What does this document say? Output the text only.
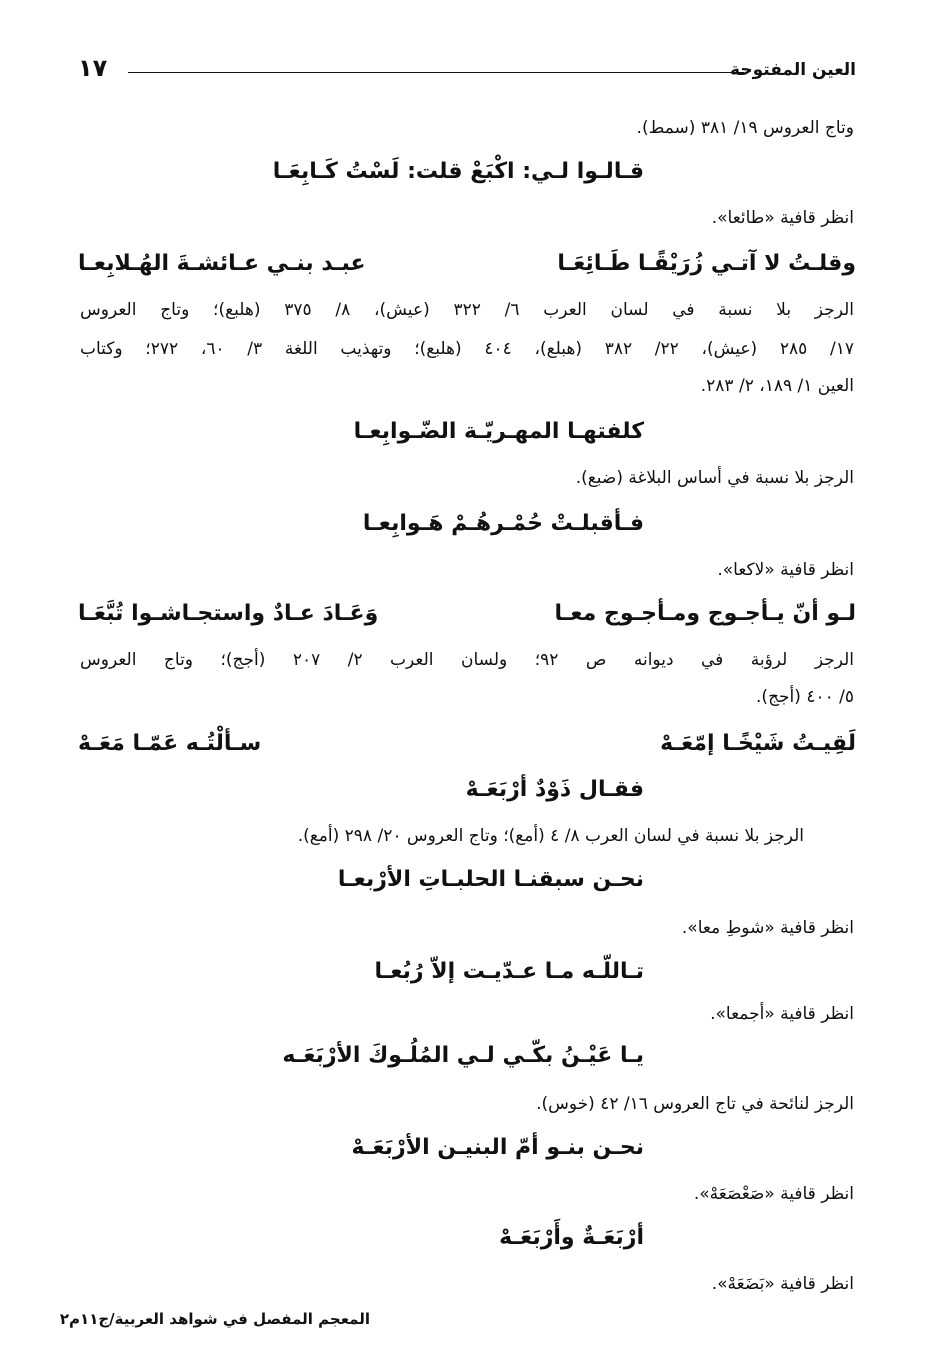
العين المفتوحة
١٧
وتاج العروس ١٩/ ٣٨١ (سمط).
قـالـوا لـي: اكْبَعْ قلت: لَسْتُ كَـابِعَـا
انظر قافية «طائعا».
وقلـتُ لا آتـي زُرَيْقًـا طَـائِعَـا
عبـد بنـي عـائشـةَ الهُـلابِعـا
الرجز بلا نسبة في لسان العرب ٦/ ٣٢٢ (عيش)، ٨/ ٣٧٥ (هلبع)؛ وتاج العروس
١٧/ ٢٨٥ (عيش)، ٢٢/ ٣٨٢ (هبلع)، ٤٠٤ (هلبع)؛ وتهذيب اللغة ٣/ ٦٠، ٢٧٢؛ وكتاب
العين ١/ ١٨٩، ٢/ ٢٨٣.
كلفتهـا المهـريّـة الضّـوابِعـا
الرجز بلا نسبة في أساس البلاغة (ضبع).
فـأقبلـتْ حُمْـرهُـمْ هَـوابِعـا
انظر قافية «لاكعا».
لـو أنّ يـأجـوج ومـأجـوج معـا
وَعَـادَ عـادٌ واستجـاشـوا تُبَّعَـا
الرجز لرؤبة في ديوانه ص ٩٢؛ ولسان العرب ٢/ ٢٠٧ (أجج)؛ وتاج العروس
٥/ ٤٠٠ (أجج).
لَقِيـتُ شَيْخًـا إمّعَـهْ
سـألْتُـه عَمّـا مَعَـهْ
فقـال ذَوْدٌ أرْبَعَـهْ
الرجز بلا نسبة في لسان العرب ٨/ ٤ (أمع)؛ وتاج العروس ٢٠/ ٢٩٨ (أمع).
نحـن سبقنـا الحلبـاتِ الأرْبعـا
انظر قافية «شوطِ معا».
تـاللّـه مـا عـدّيـت إلاّ رُبُعـا
انظر قافية «أجمعا».
يـا عَيْـنُ بكّـي لـي المُلُـوكَ الأرْبَعَـه
الرجز لنائحة في تاج العروس ١٦/ ٤٢ (خوس).
نحـن بنـو أمّ البنيـن الأرْبَعَـهْ
انظر قافية «صَعْصَعَهْ».
أرْبَعَـةٌ وأَرْبَعَـهْ
انظر قافية «بَضَعَهْ».
المعجم المفصل في شواهد العربية/ج١١م٢
